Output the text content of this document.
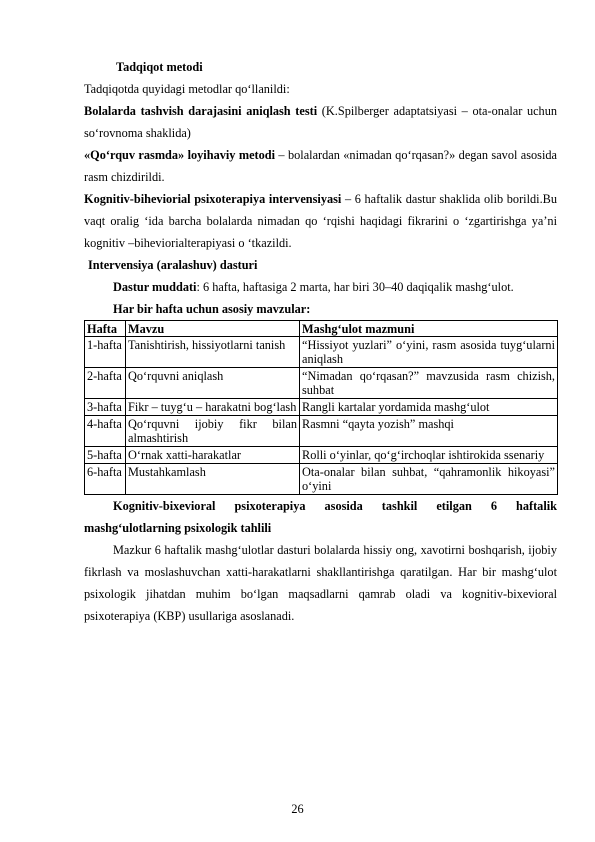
Tadqiqot metodi

Tadqiqotda quyidagi metodlar qo‘llanildi:

Bolalarda tashvish darajasini aniqlash testi (K.Spilberger adaptatsiyasi – ota-onalar uchun so‘rovnoma shaklida)

«Qo‘rquv rasmda» loyihaviy metodi – bolalardan «nimadan qo‘rqasan?» degan savol asosida rasm chizdirildi.

Kognitiv-biheviorial psixoterapiya intervensiyasi – 6 haftalik dastur shaklida olib borildi.Bu vaqt oralig ‘ida barcha bolalarda nimadan qo ‘rqishi haqidagi fikrarini o ‘zgartirishga ya’ni kognitiv –biheviorialterapiyasi o ‘tkazildi.

Intervensiya (aralashuv) dasturi

Dastur muddati: 6 hafta, haftasiga 2 marta, har biri 30–40 daqiqalik mashg‘ulot.

Har bir hafta uchun asosiy mavzular:

Hafta	Mavzu	Mashg‘ulot mazmuni
1-hafta	Tanishtirish, hissiyotlarni tanish	“Hissiyot yuzlari” o‘yini, rasm asosida tuyg‘ularni aniqlash
2-hafta	Qo‘rquvni aniqlash	“Nimadan qo‘rqasan?” mavzusida rasm chizish, suhbat
3-hafta	Fikr – tuyg‘u – harakatni bog‘lash	Rangli kartalar yordamida mashg‘ulot
4-hafta	Qo‘rquvni ijobiy fikr bilan almashtirish	Rasmni “qayta yozish” mashqi
5-hafta	O‘rnak xatti-harakatlar	Rolli o‘yinlar, qo‘g‘irchoqlar ishtirokida ssenariy
6-hafta	Mustahkamlash	Ota-onalar bilan suhbat, “qahramonlik hikoyasi” o‘yini

Kognitiv-bixevioral psixoterapiya asosida tashkil etilgan 6 haftalik mashg‘ulotlarning psixologik tahlili

Mazkur 6 haftalik mashg‘ulotlar dasturi bolalarda hissiy ong, xavotirni boshqarish, ijobiy fikrlash va moslashuvchan xatti-harakatlarni shakllantirishga qaratilgan. Har bir mashg‘ulot psixologik jihatdan muhim bo‘lgan maqsadlarni qamrab oladi va kognitiv-bixevioral psixoterapiya (KBP) usullariga asoslanadi.

26
